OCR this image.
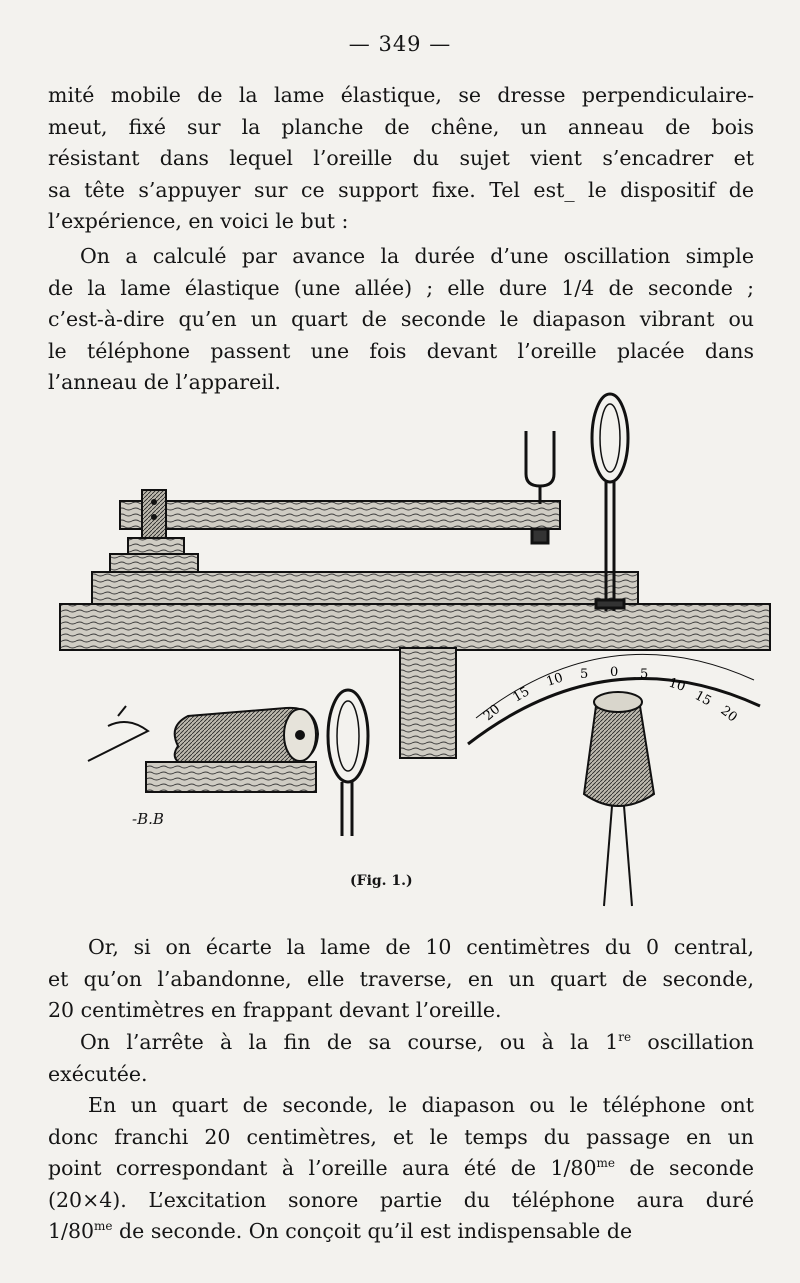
— 349 —
mité mobile de la lame élastique, se dresse perpendiculaire-
meut, fixé sur la planche de chêne, un anneau de bois
résistant dans lequel l’oreille du sujet vient s’encadrer et
sa tête s’appuyer sur ce support fixe. Tel est_ le dispositif de
l’expérience, en voici le but :
On a calculé par avance la durée d’une oscillation simple
de la lame élastique (une allée) ; elle dure 1/4 de seconde ;
c’est-à-dire qu’en un quart de seconde le diapason vibrant ou
le téléphone passent une fois devant l’oreille placée dans
l’anneau de l’appareil.
20
15
10 5 0 5
10
15
20
-B.B
(Fig. 1.)
Or, si on écarte la lame de 10 centimètres du 0 central,
et qu’on l’abandonne, elle traverse, en un quart de seconde,
20 centimètres en frappant devant l’oreille.
On l’arrête à la fin de sa course, ou à la 1re oscillation
exécutée.
En un quart de seconde, le diapason ou le téléphone ont
donc franchi 20 centimètres, et le temps du passage en un
point correspondant à l’oreille aura été de $1/80^{me}$ de seconde
(20×4). L’excitation sonore partie du téléphone aura duré
$1/80^{me}$ de seconde. On conçoit qu’il est indispensable de
